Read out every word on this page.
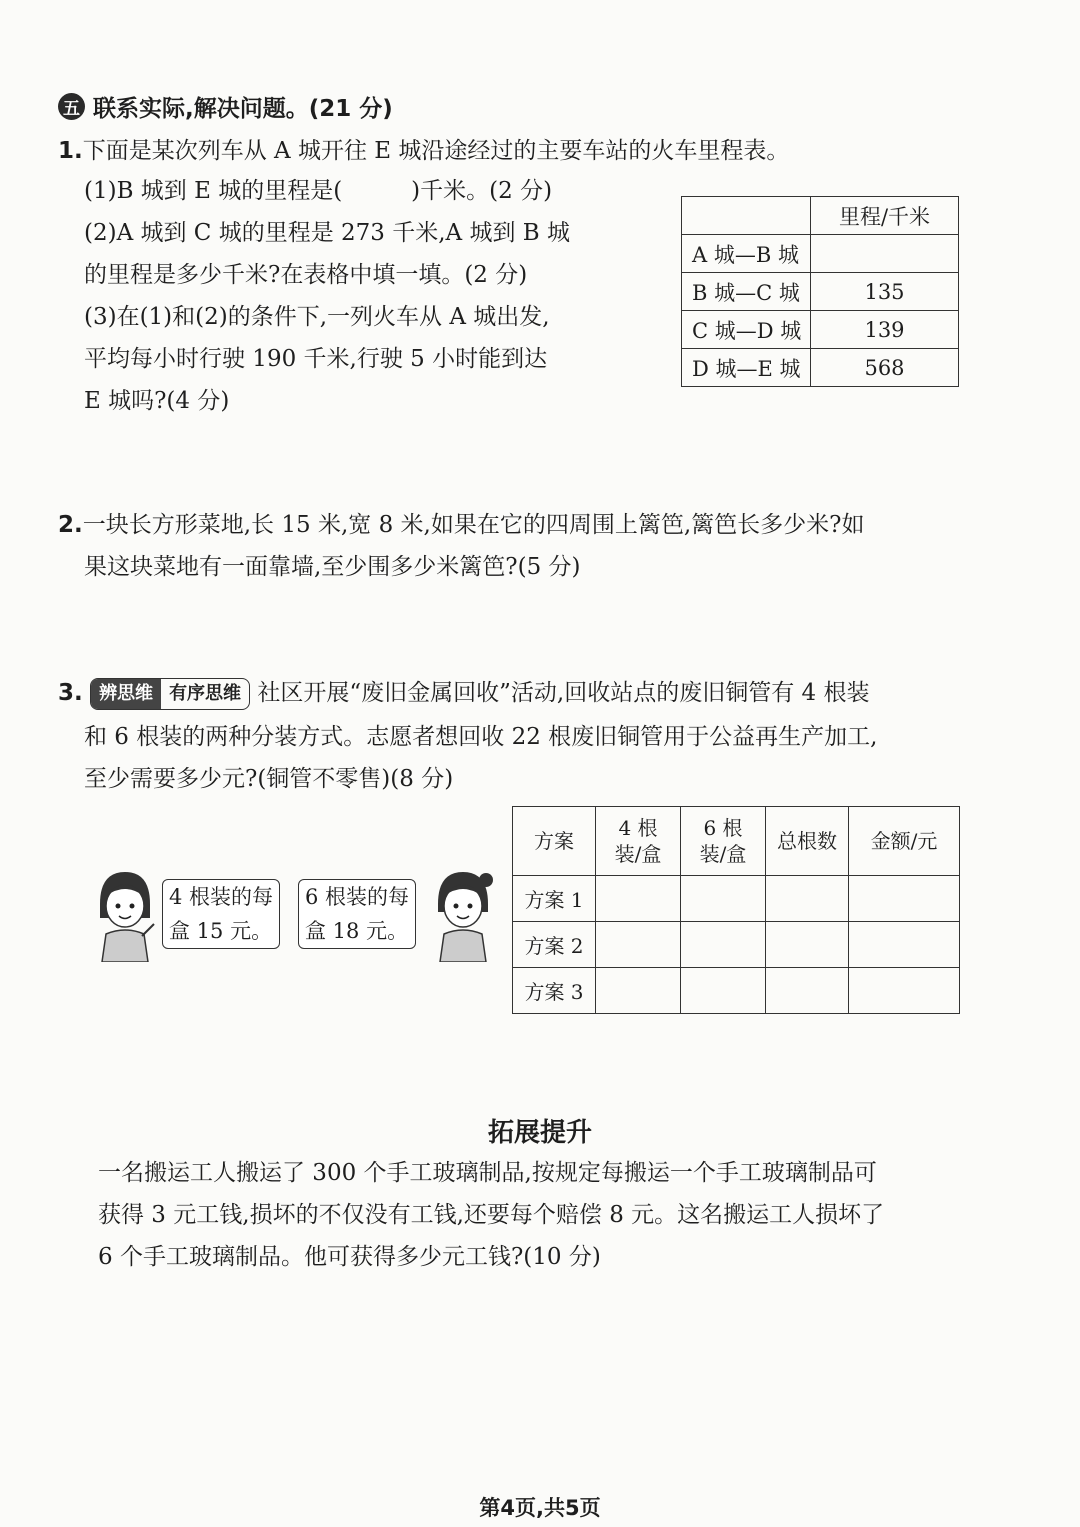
五 联系实际,解决问题。(21 分)
1.下面是某次列车从 A 城开往 E 城沿途经过的主要车站的火车里程表。
(1)B 城到 E 城的里程是(　　　)千米。(2 分)
(2)A 城到 C 城的里程是 273 千米,A 城到 B 城
的里程是多少千米?在表格中填一填。(2 分)
(3)在(1)和(2)的条件下,一列火车从 A 城出发,
平均每小时行驶 190 千米,行驶 5 小时能到达
E 城吗?(4 分)
	里程/千米
A 城—B 城	
B 城—C 城	135
C 城—D 城	139
D 城—E 城	568
2.一块长方形菜地,长 15 米,宽 8 米,如果在它的四周围上篱笆,篱笆长多少米?如
果这块菜地有一面靠墙,至少围多少米篱笆?(5 分)
3. 辨思维 有序思维 社区开展“废旧金属回收”活动,回收站点的废旧铜管有 4 根装
和 6 根装的两种分装方式。志愿者想回收 22 根废旧铜管用于公益再生产加工,
至少需要多少元?(铜管不零售)(8 分)
4 根装的每
盒 15 元。
6 根装的每
盒 18 元。
方案	4 根
装/盒	6 根
装/盒	总根数	金额/元
方案 1				
方案 2				
方案 3				
拓展提升
一名搬运工人搬运了 300 个手工玻璃制品,按规定每搬运一个手工玻璃制品可
获得 3 元工钱,损坏的不仅没有工钱,还要每个赔偿 8 元。这名搬运工人损坏了
6 个手工玻璃制品。他可获得多少元工钱?(10 分)
第4页,共5页
